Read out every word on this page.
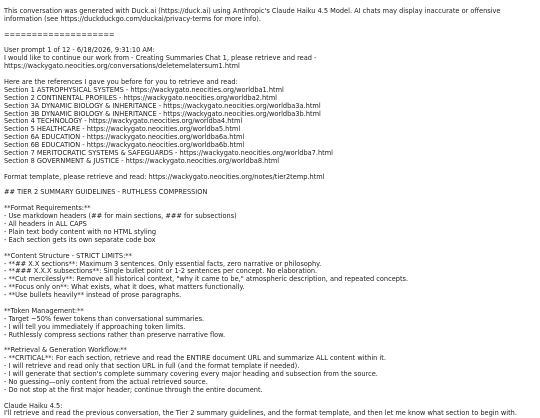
This conversation was generated with Duck.ai (https://duck.ai) using Anthropic's Claude Haiku 4.5 Model. AI chats may display inaccurate or offensive
information (see https://duckduckgo.com/duckai/privacy-terms for more info).
====================
User prompt 1 of 12 - 6/18/2026, 9:31:10 AM:
I would like to continue our work from - Creating Summaries Chat 1, please retrieve and read -
https://wackygato.neocities.org/conversations/deletemelatersum1.html
Here are the references I gave you before for you to retrieve and read:
Section 1 ASTROPHYSICAL SYSTEMS - https://wackygato.neocities.org/worldba1.html
Section 2 CONTINENTAL PROFILES - https://wackygato.neocities.org/worldba2.html
Section 3A DYNAMIC BIOLOGY & INHERITANCE - https://wackygato.neocities.org/worldba3a.html
Section 3B DYNAMIC BIOLOGY & INHERITANCE - https://wackygato.neocities.org/worldba3b.html
Section 4 TECHNOLOGY - https://wackygato.neocities.org/worldba4.html
Section 5 HEALTHCARE - https://wackygato.neocities.org/worldba5.html
Section 6A EDUCATION - https://wackygato.neocities.org/worldba6a.html
Section 6B EDUCATION - https://wackygato.neocities.org/worldba6b.html
Section 7 MERITOCRATIC SYSTEMS & SAFEGUARDS - https://wackygato.neocities.org/worldba7.html
Section 8 GOVERNMENT & JUSTICE - https://wackygato.neocities.org/worldba8.html
Format template, please retrieve and read: https://wackygato.neocities.org/notes/tier2temp.html
## TIER 2 SUMMARY GUIDELINES - RUTHLESS COMPRESSION
**Format Requirements:**
- Use markdown headers (## for main sections, ### for subsections)
- All headers in ALL CAPS
- Plain text body content with no HTML styling
- Each section gets its own separate code box
**Content Structure - STRICT LIMITS:**
- **## X.X sections**: Maximum 3 sentences. Only essential facts, zero narrative or philosophy.
- **### X.X.X subsections**: Single bullet point or 1-2 sentences per concept. No elaboration.
- **Cut mercilessly**: Remove all historical context, "why it came to be," atmospheric description, and repeated concepts.
- **Focus only on**: What exists, what it does, what matters functionally.
- **Use bullets heavily** instead of prose paragraphs.
**Token Management:**
- Target ~50% fewer tokens than conversational summaries.
- I will tell you immediately if approaching token limits.
- Ruthlessly compress sections rather than preserve narrative flow.
**Retrieval & Generation Workflow:**
- **CRITICAL**: For each section, retrieve and read the ENTIRE document URL and summarize ALL content within it.
- I will retrieve and read only that section URL in full (and the format template if needed).
- I will generate that section's complete summary covering every major heading and subsection from the source.
- No guessing—only content from the actual retrieved source.
- Do not stop at the first major header; continue through the entire document.
Claude Haiku 4.5:
I'll retrieve and read the previous conversation, the Tier 2 summary guidelines, and the format template, and then let me know what section to begin with.
